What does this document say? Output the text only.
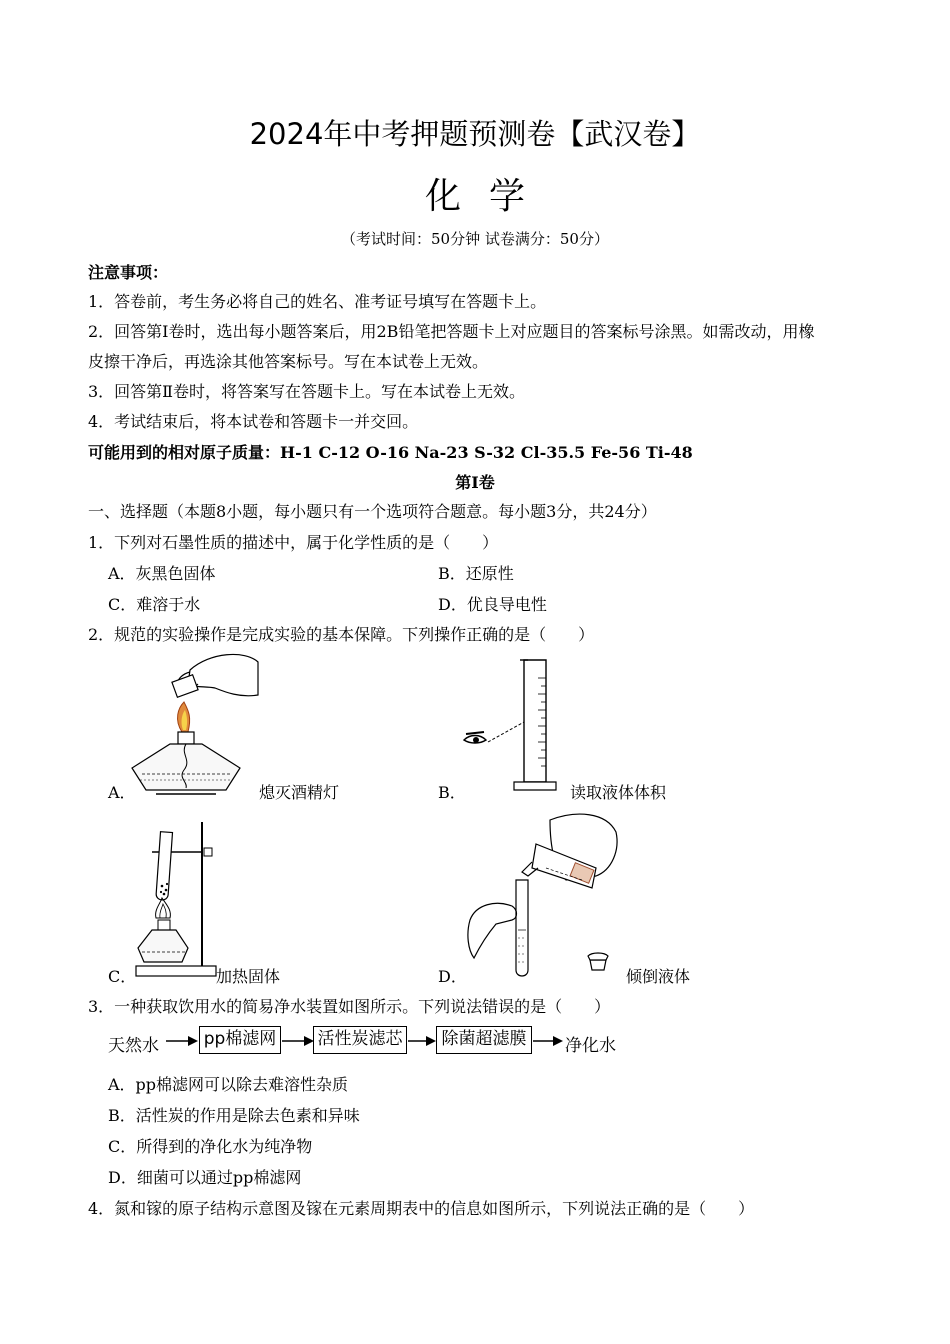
2024年中考押题预测卷【武汉卷】
化学
（考试时间：50分钟 试卷满分：50分）
注意事项：
1．答卷前，考生务必将自己的姓名、准考证号填写在答题卡上。
2．回答第Ⅰ卷时，选出每小题答案后，用2B铅笔把答题卡上对应题目的答案标号涂黑。如需改动，用橡
皮擦干净后，再选涂其他答案标号。写在本试卷上无效。
3．回答第Ⅱ卷时，将答案写在答题卡上。写在本试卷上无效。
4．考试结束后，将本试卷和答题卡一并交回。
可能用到的相对原子质量：H-1 C-12 O-16 Na-23 S-32 Cl-35.5 Fe-56 Ti-48
第Ⅰ卷
一、选择题（本题8小题，每小题只有一个选项符合题意。每小题3分，共24分）
1．下列对石墨性质的描述中，属于化学性质的是（　　）
A．灰黑色固体	B．还原性
C．难溶于水	D．优良导电性
2．规范的实验操作是完成实验的基本保障。下列操作正确的是（　　）
A．	熄灭酒精灯	B．	读取液体体积
C．	加热固体	D．	倾倒液体
3．一种获取饮用水的简易净水装置如图所示。下列说法错误的是（　　）
天然水	pp棉滤网 活性炭滤芯	除菌超滤膜	净化水
A．pp棉滤网可以除去难溶性杂质
B．活性炭的作用是除去色素和异味
C．所得到的净化水为纯净物
D．细菌可以通过pp棉滤网
4．氮和镓的原子结构示意图及镓在元素周期表中的信息如图所示，下列说法正确的是（　　）
